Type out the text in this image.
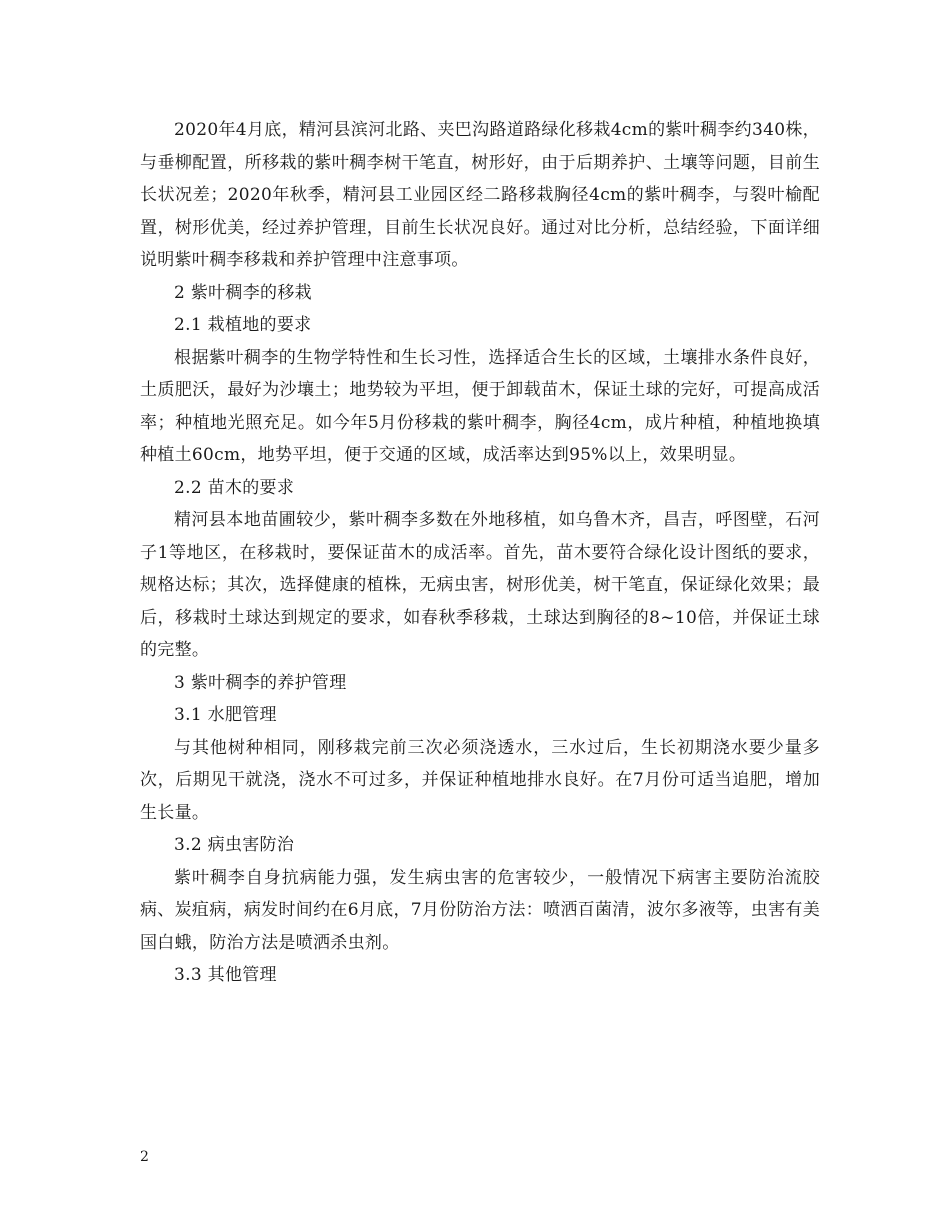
2020年4月底，精河县滨河北路、夹巴沟路道路绿化移栽4cm的紫叶稠李约340株，与垂柳配置，所移栽的紫叶稠李树干笔直，树形好，由于后期养护、土壤等问题，目前生长状况差；2020年秋季，精河县工业园区经二路移栽胸径4cm的紫叶稠李，与裂叶榆配置，树形优美，经过养护管理，目前生长状况良好。通过对比分析，总结经验，下面详细说明紫叶稠李移栽和养护管理中注意事项。

2 紫叶稠李的移栽

2.1 栽植地的要求

根据紫叶稠李的生物学特性和生长习性，选择适合生长的区域，土壤排水条件良好，土质肥沃，最好为沙壤土；地势较为平坦，便于卸载苗木，保证土球的完好，可提高成活率；种植地光照充足。如今年5月份移栽的紫叶稠李，胸径4cm，成片种植，种植地换填种植土60cm，地势平坦，便于交通的区域，成活率达到95%以上，效果明显。

2.2 苗木的要求

精河县本地苗圃较少，紫叶稠李多数在外地移植，如乌鲁木齐，昌吉，呼图壁，石河子1等地区，在移栽时，要保证苗木的成活率。首先，苗木要符合绿化设计图纸的要求，规格达标；其次，选择健康的植株，无病虫害，树形优美，树干笔直，保证绿化效果；最后，移栽时土球达到规定的要求，如春秋季移栽，土球达到胸径的8~10倍，并保证土球的完整。

3 紫叶稠李的养护管理

3.1 水肥管理

与其他树种相同，刚移栽完前三次必须浇透水，三水过后，生长初期浇水要少量多次，后期见干就浇，浇水不可过多，并保证种植地排水良好。在7月份可适当追肥，增加生长量。

3.2 病虫害防治

紫叶稠李自身抗病能力强，发生病虫害的危害较少，一般情况下病害主要防治流胶病、炭疽病，病发时间约在6月底，7月份防治方法：喷洒百菌清，波尔多液等，虫害有美国白蛾，防治方法是喷洒杀虫剂。

3.3 其他管理

2
